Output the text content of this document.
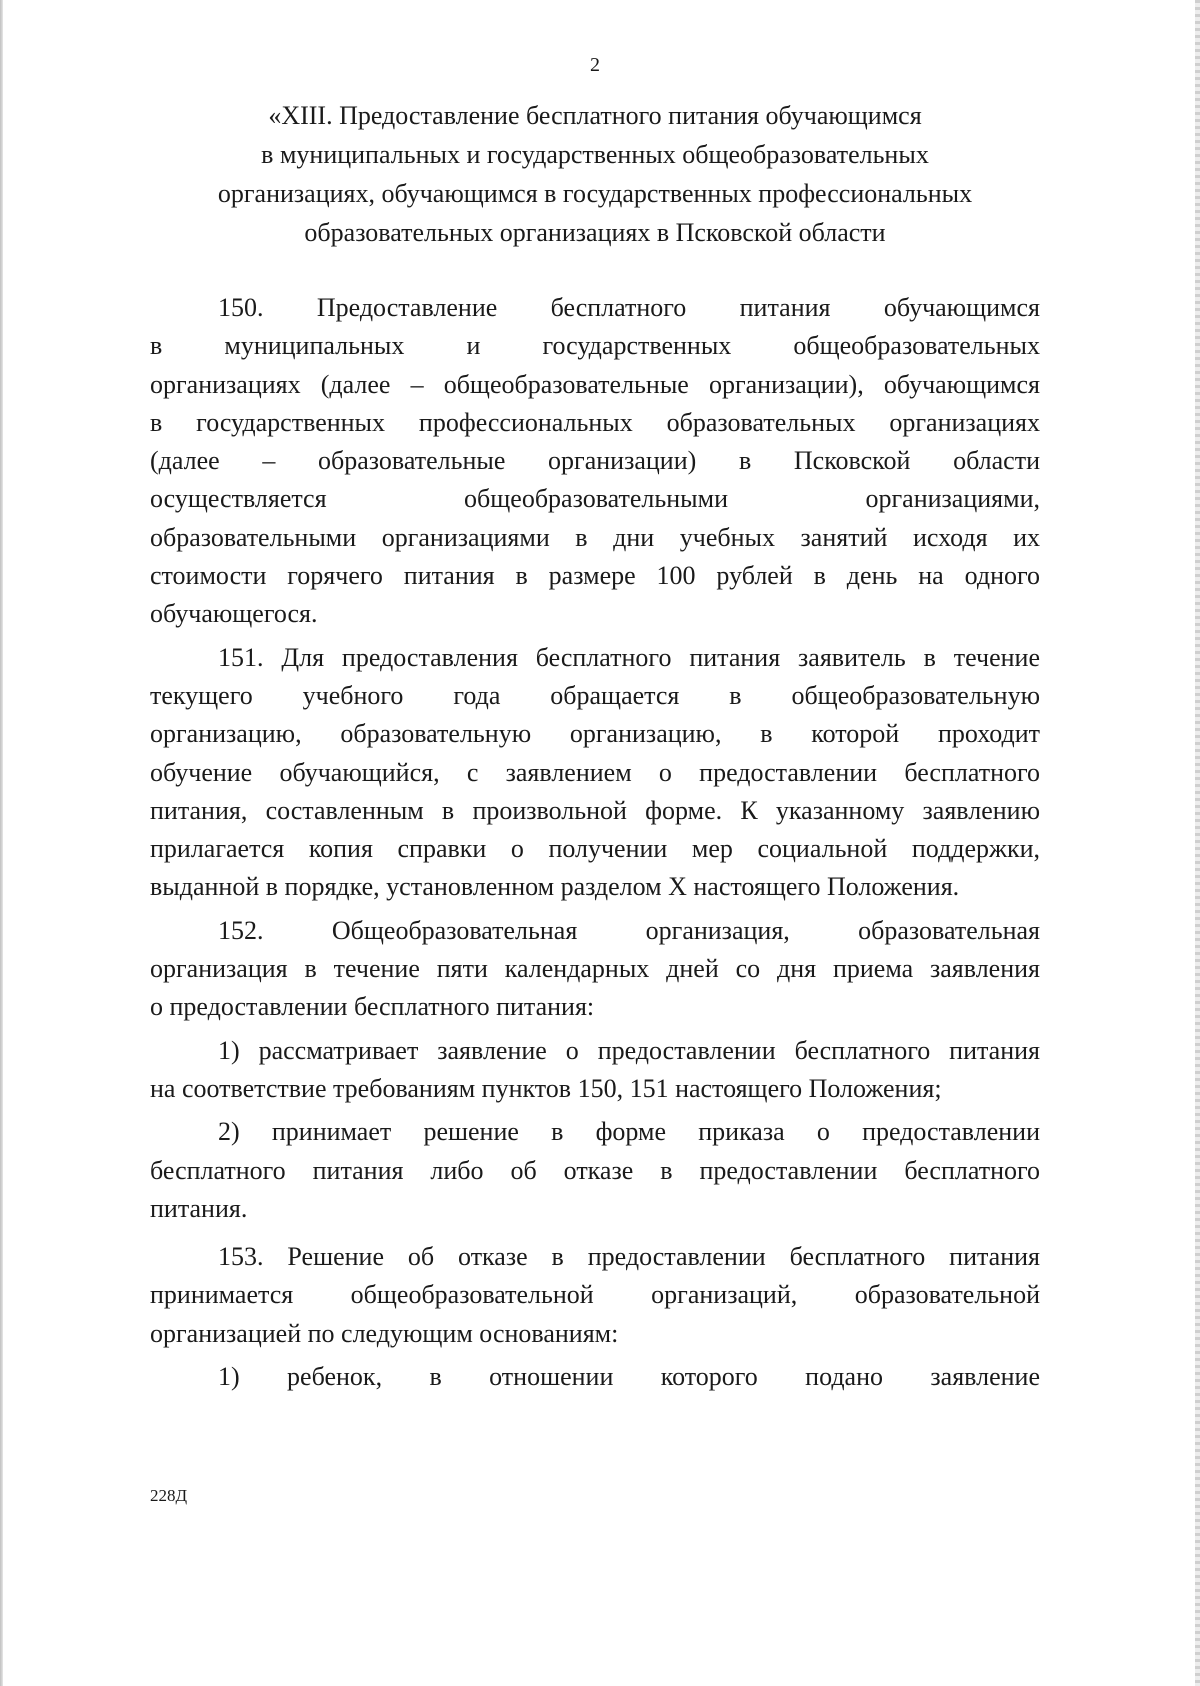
2
«XIII. Предоставление бесплатного питания обучающимся
в муниципальных и государственных общеобразовательных
организациях, обучающимся в государственных профессиональных
образовательных организациях в Псковской области
150. Предоставление бесплатного питания обучающимся
в муниципальных и государственных общеобразовательных
организациях (далее – общеобразовательные организации), обучающимся
в государственных профессиональных образовательных организациях
(далее – образовательные организации) в Псковской области
осуществляется общеобразовательными организациями,
образовательными организациями в дни учебных занятий исходя их
стоимости горячего питания в размере 100 рублей в день на одного
обучающегося.
151. Для предоставления бесплатного питания заявитель в течение
текущего учебного года обращается в общеобразовательную
организацию, образовательную организацию, в которой проходит
обучение обучающийся, с заявлением о предоставлении бесплатного
питания, составленным в произвольной форме. К указанному заявлению
прилагается копия справки о получении мер социальной поддержки,
выданной в порядке, установленном разделом X настоящего Положения.
152. Общеобразовательная организация, образовательная
организация в течение пяти календарных дней со дня приема заявления
о предоставлении бесплатного питания:
1) рассматривает заявление о предоставлении бесплатного питания
на соответствие требованиям пунктов 150, 151 настоящего Положения;
2) принимает решение в форме приказа о предоставлении
бесплатного питания либо об отказе в предоставлении бесплатного
питания.
153. Решение об отказе в предоставлении бесплатного питания
принимается общеобразовательной организаций, образовательной
организацией по следующим основаниям:
1) ребенок, в отношении которого подано заявление
228Д
